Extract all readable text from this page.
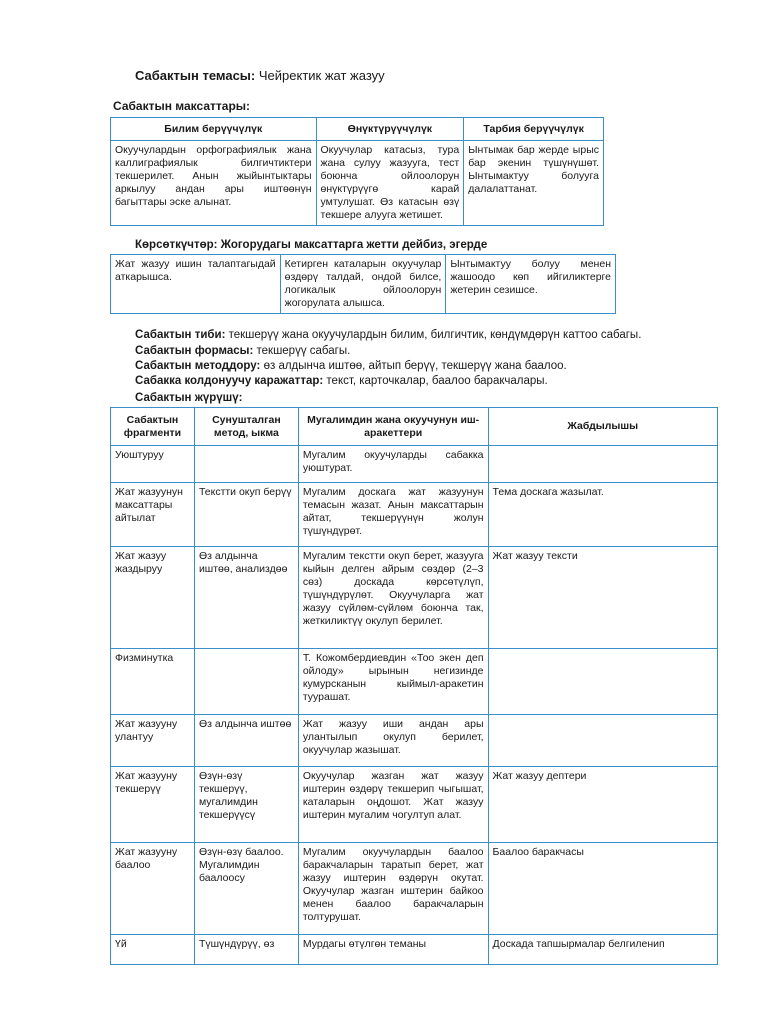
Сабактын темасы: Чейректик жат жазуу
Сабактын максаттары:
Билим берүүчүлүк	Өнүктүрүүчүлүк	Тарбия берүүчүлүк
Окуучулардын орфографиялык жана каллиграфиялык билгичтиктери текшерилет. Анын жыйынтыктары аркылуу андан ары иштөөнүн багыттары эске алынат.	Окуучулар катасыз, тура жана сулуу жазууга, тест боюнча ойлоолорун өнүктүрүүгө карай умтулушат. Өз катасын өзү текшере алууга жетишет.	Ынтымак бар жерде ырыс бар экенин түшүнүшөт. Ынтымактуу болууга далалаттанат.
Көрсөткүчтөр: Жогорудагы максаттарга жетти дейбиз, эгерде
Жат жазуу ишин талаптагыдай аткарышса.	Кетирген каталарын окуучулар өздөрү талдай, ондой билсе, логикалык ойлоолорун жогорулата алышса.	Ынтымактуу болуу менен жашоодо көп ийгиликтерге жетерин сезишсе.
Сабактын тиби: текшерүү жана окуучулардын билим, билгичтик, көндүмдөрүн каттоо сабагы.
Сабактын формасы: текшерүү сабагы.
Сабактын методдору: өз алдынча иштөө, айтып берүү, текшерүү жана баалоо.
Сабакка колдонуучу каражаттар: текст, карточкалар, баалоо баракчалары.
Сабактын жүрүшү:
Сабактын фрагменти	Сунушталган метод, ыкма	Мугалимдин жана окуучунун иш-аракеттери	Жабдылышы
Уюштуруу		Мугалим окуучуларды сабакка уюштурат.	
Жат жазуунун максаттары айтылат	Текстти окуп берүү	Мугалим доскага жат жазуунун темасын жазат. Анын максаттарын айтат, текшерүүнүн жолун түшүндүрөт.	Тема доскага жазылат.
Жат жазуу жаздыруу	Өз алдынча иштөө, анализдөө	Мугалим текстти окуп берет, жазууга кыйын делген айрым сөздөр (2–3 сөз) доскада көрсөтүлүп, түшүндүрүлөт. Окуучуларга жат жазуу сүйлөм-сүйлөм боюнча так, жеткиликтүү окулуп берилет.	Жат жазуу тексти
Физминутка		Т. Кожомбердиевдин «Тоо экен деп ойлоду» ырынын негизинде кумурсканын кыймыл-аракетин туурашат.	
Жат жазууну улантуу	Өз алдынча иштөө	Жат жазуу иши андан ары улантылып окулуп берилет, окуучулар жазышат.	
Жат жазууну текшерүү	Өзүн-өзү текшерүү, мугалимдин текшерүүсү	Окуучулар жазган жат жазуу иштерин өздөрү текшерип чыгышат, каталарын оңдошот. Жат жазуу иштерин мугалим чогултуп алат.	Жат жазуу дептери
Жат жазууну баалоо	Өзүн-өзү баалоо. Мугалимдин баалоосу	Мугалим окуучулардын баалоо баракчаларын таратып берет, жат жазуу иштерин өздөрүн окутат. Окуучулар жазган иштерин байкоо менен баалоо баракчаларын толтурушат.	Баалоо баракчасы
Үй	Түшүндүрүү, өз	Мурдагы өтүлгөн теманы	Доскада тапшырмалар белгиленип
